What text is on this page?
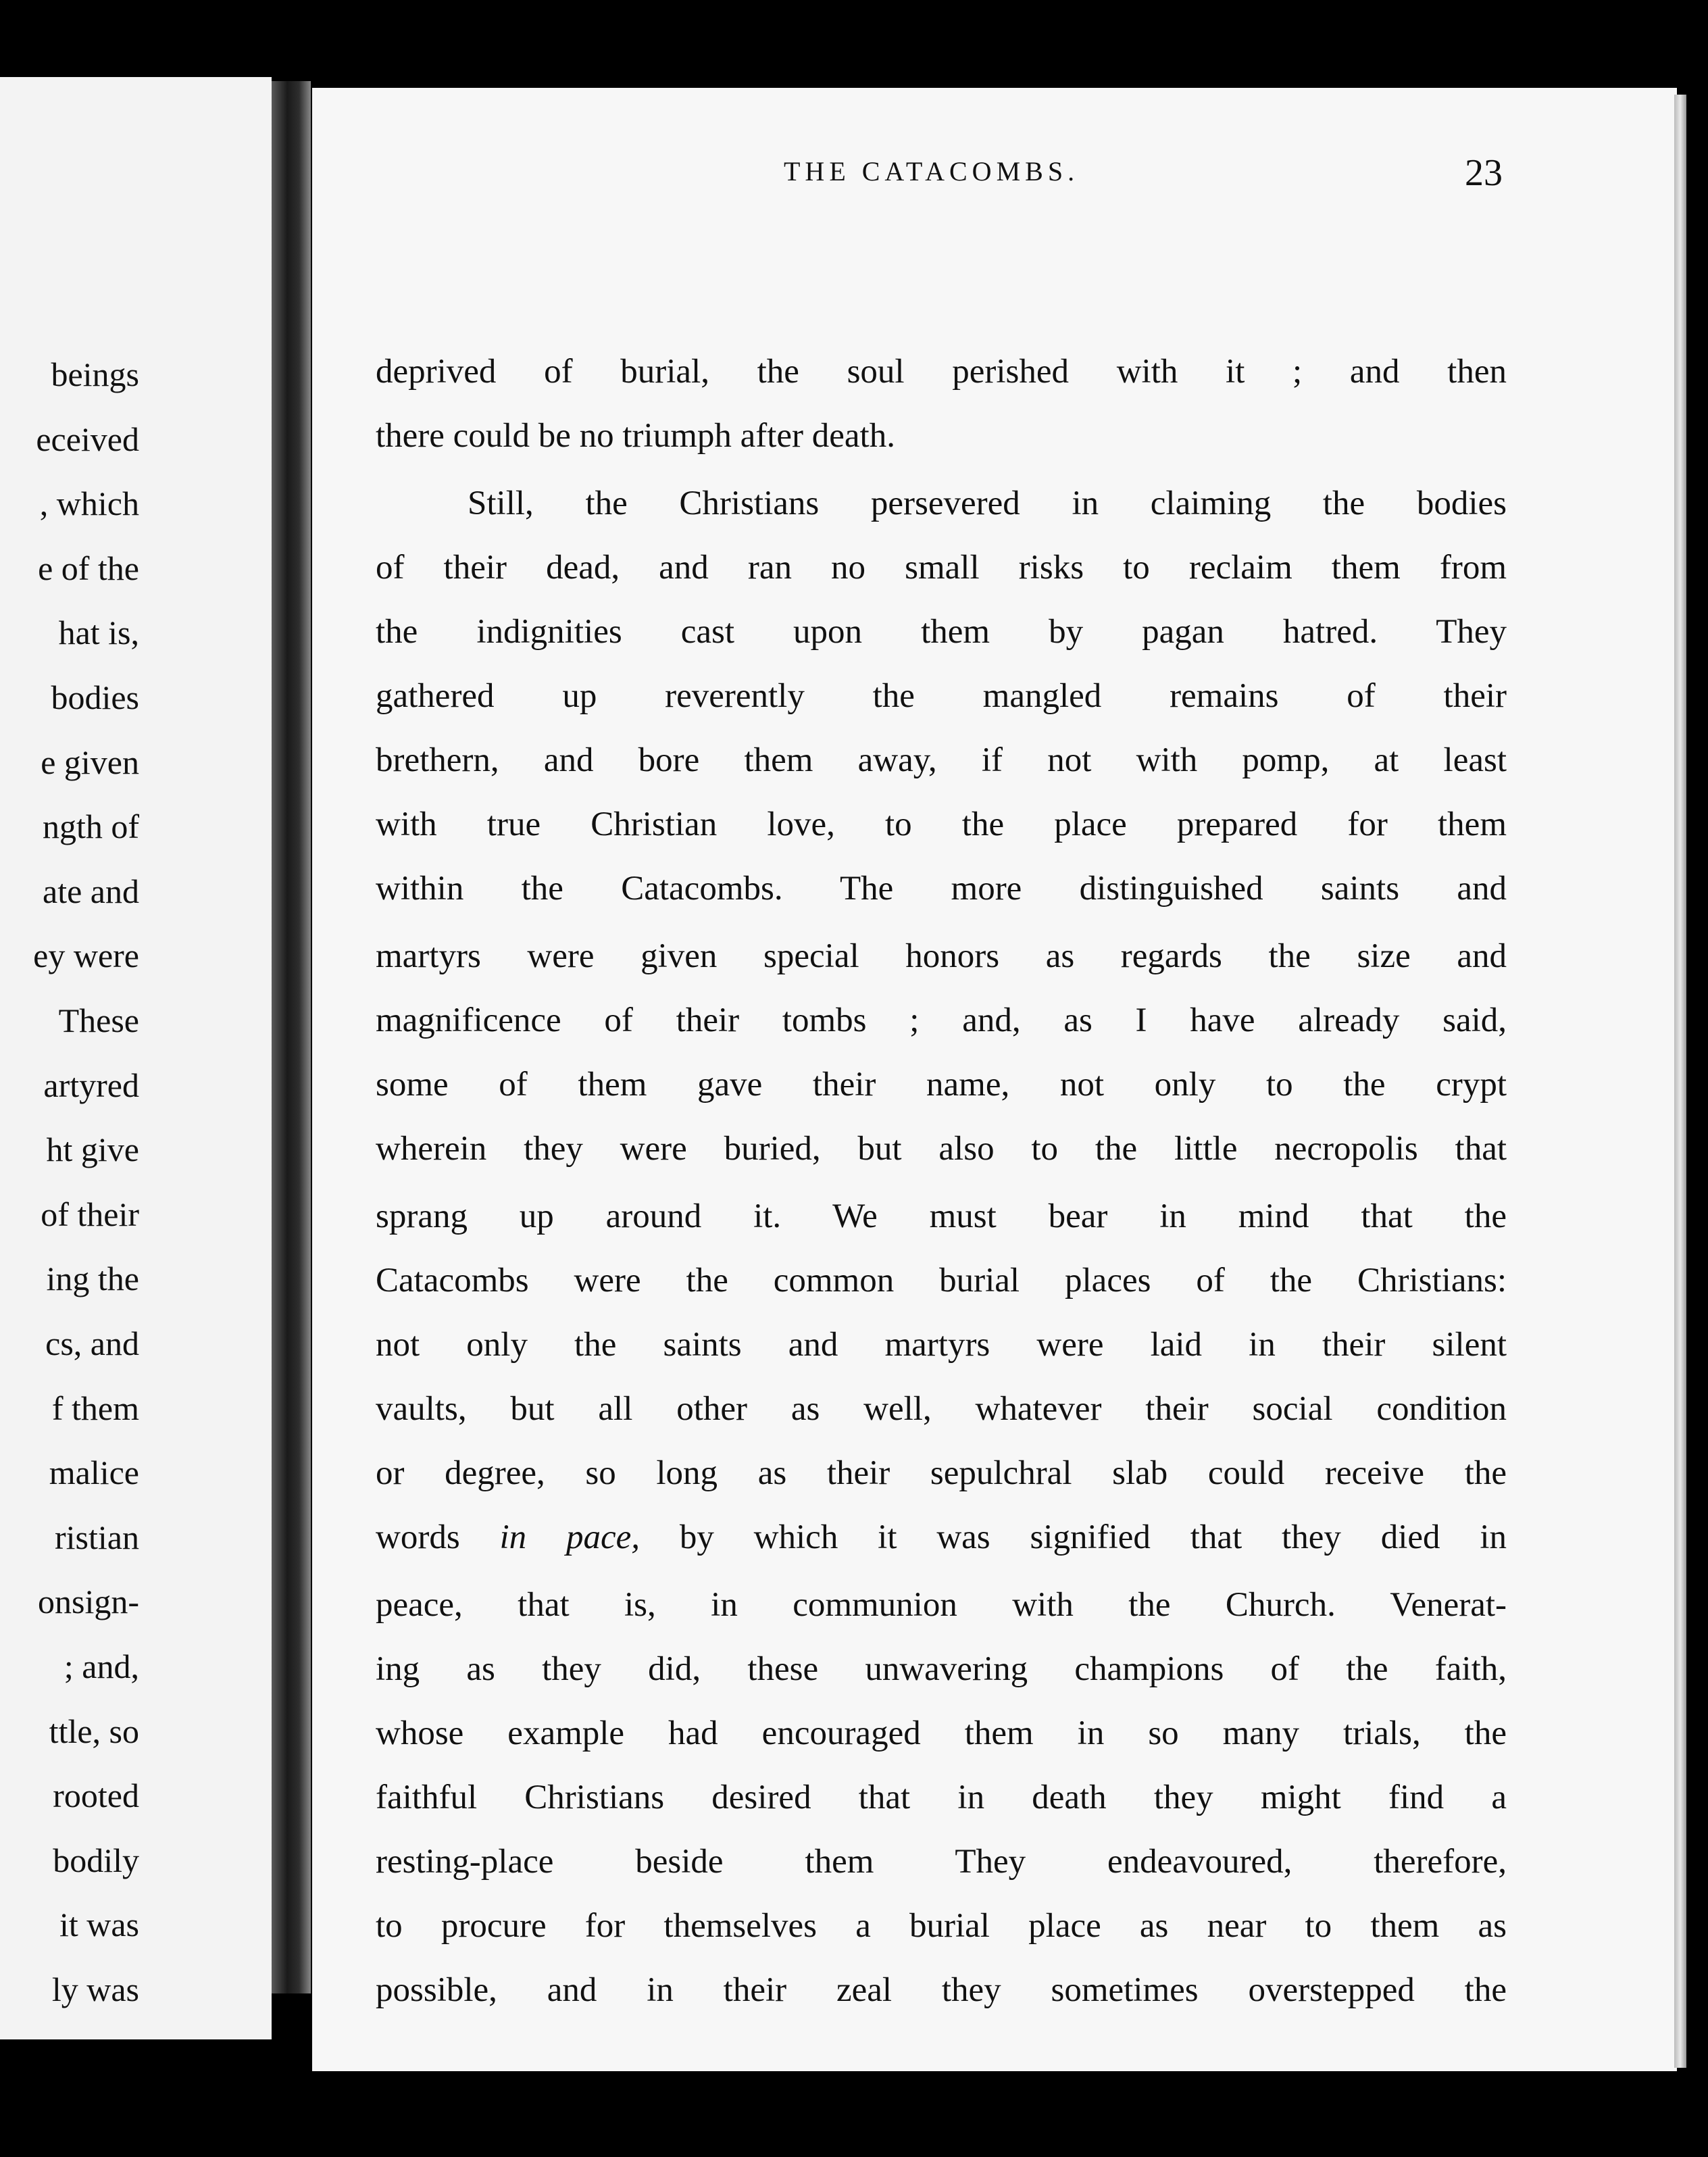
beings
eceived
, which
e of the
hat is,
bodies
e given
ngth of
ate and
ey were
These
artyred
ht give
of their
ing the
cs, and
f them
malice
ristian
onsign-
; and,
ttle, so
rooted
bodily
it was
ly was
THE CATACOMBS.	23
deprived of burial, the soul perished with it ; and then
there could be no triumph after death.
Still, the Christians persevered in claiming the bodies
of their dead, and ran no small risks to reclaim them from
the indignities cast upon them by pagan hatred. They
gathered up reverently the mangled remains of their
brethern, and bore them away, if not with pomp, at least
with true Christian love, to the place prepared for them
within the Catacombs. The more distinguished saints and
martyrs were given special honors as regards the size and
magnificence of their tombs ; and, as I have already said,
some of them gave their name, not only to the crypt
wherein they were buried, but also to the little necropolis that
sprang up around it. We must bear in mind that the
Catacombs were the common burial places of the Christians:
not only the saints and martyrs were laid in their silent
vaults, but all other as well, whatever their social condition
or degree, so long as their sepulchral slab could receive the
words in pace, by which it was signified that they died in
peace, that is, in communion with the Church. Venerat-
ing as they did, these unwavering champions of the faith,
whose example had encouraged them in so many trials, the
faithful Christians desired that in death they might find a
resting-place beside them They endeavoured, therefore,
to procure for themselves a burial place as near to them as
possible, and in their zeal they sometimes overstepped the
